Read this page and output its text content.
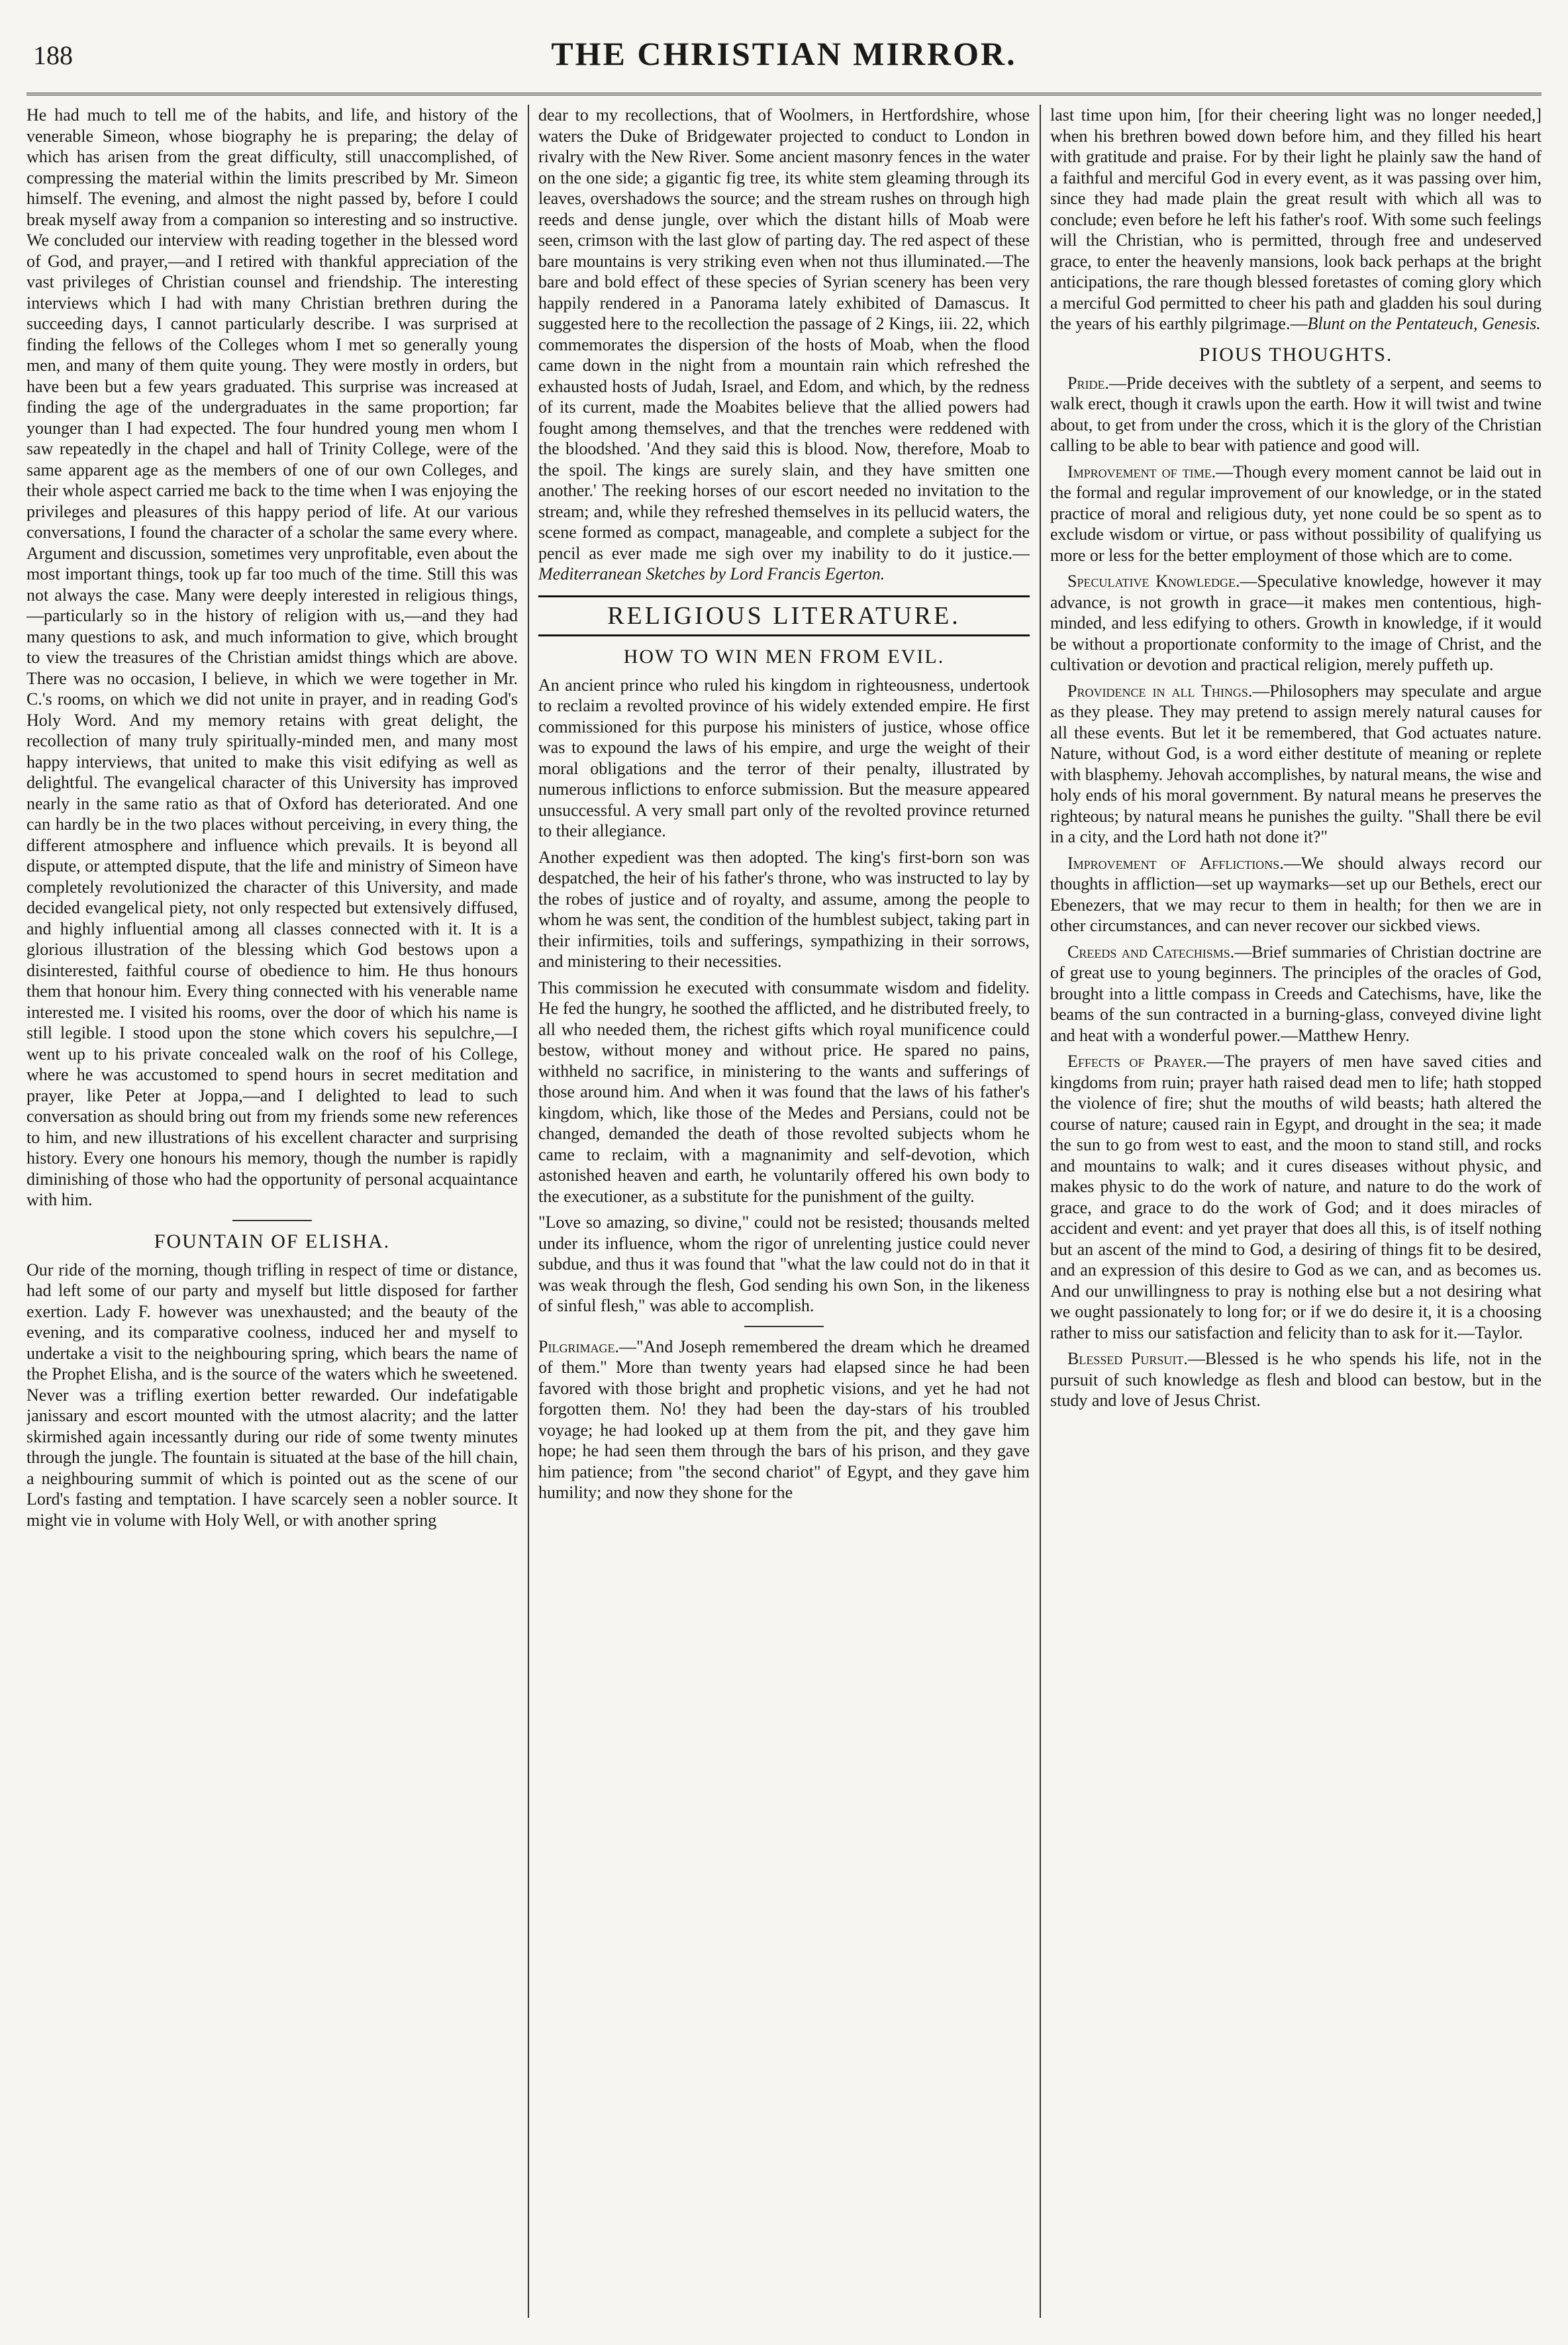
188	THE CHRISTIAN MIRROR.

He had much to tell me of the habits, and life, and history of the venerable Simeon, whose biography he is preparing; the delay of which has arisen from the great difficulty, still unaccomplished, of compressing the material within the limits prescribed by Mr. Simeon himself. The evening, and almost the night passed by, before I could break myself away from a companion so interesting and so instructive. We concluded our interview with reading together in the blessed word of God, and prayer,—and I retired with thankful appreciation of the vast privileges of Christian counsel and friendship. The interesting interviews which I had with many Christian brethren during the succeeding days, I cannot particularly describe. I was surprised at finding the fellows of the Colleges whom I met so generally young men, and many of them quite young. They were mostly in orders, but have been but a few years graduated. This surprise was increased at finding the age of the undergraduates in the same proportion; far younger than I had expected. The four hundred young men whom I saw repeatedly in the chapel and hall of Trinity College, were of the same apparent age as the members of one of our own Colleges, and their whole aspect carried me back to the time when I was enjoying the privileges and pleasures of this happy period of life. At our various conversations, I found the character of a scholar the same every where. Argument and discussion, sometimes very unprofitable, even about the most important things, took up far too much of the time. Still this was not always the case. Many were deeply interested in religious things,—particularly so in the history of religion with us,—and they had many questions to ask, and much information to give, which brought to view the treasures of the Christian amidst things which are above. There was no occasion, I believe, in which we were together in Mr. C.'s rooms, on which we did not unite in prayer, and in reading God's Holy Word. And my memory retains with great delight, the recollection of many truly spiritually-minded men, and many most happy interviews, that united to make this visit edifying as well as delightful. The evangelical character of this University has improved nearly in the same ratio as that of Oxford has deteriorated. And one can hardly be in the two places without perceiving, in every thing, the different atmosphere and influence which prevails. It is beyond all dispute, or attempted dispute, that the life and ministry of Simeon have completely revolutionized the character of this University, and made decided evangelical piety, not only respected but extensively diffused, and highly influential among all classes connected with it. It is a glorious illustration of the blessing which God bestows upon a disinterested, faithful course of obedience to him. He thus honours them that honour him. Every thing connected with his venerable name interested me. I visited his rooms, over the door of which his name is still legible. I stood upon the stone which covers his sepulchre,—I went up to his private concealed walk on the roof of his College, where he was accustomed to spend hours in secret meditation and prayer, like Peter at Joppa,—and I delighted to lead to such conversation as should bring out from my friends some new references to him, and new illustrations of his excellent character and surprising history. Every one honours his memory, though the number is rapidly diminishing of those who had the opportunity of personal acquaintance with him.

FOUNTAIN OF ELISHA.

Our ride of the morning, though trifling in respect of time or distance, had left some of our party and myself but little disposed for farther exertion. Lady F. however was unexhausted; and the beauty of the evening, and its comparative coolness, induced her and myself to undertake a visit to the neighbouring spring, which bears the name of the Prophet Elisha, and is the source of the waters which he sweetened. Never was a trifling exertion better rewarded. Our indefatigable janissary and escort mounted with the utmost alacrity; and the latter skirmished again incessantly during our ride of some twenty minutes through the jungle. The fountain is situated at the base of the hill chain, a neighbouring summit of which is pointed out as the scene of our Lord's fasting and temptation. I have scarcely seen a nobler source. It might vie in volume with Holy Well, or with another spring

dear to my recollections, that of Woolmers, in Hertfordshire, whose waters the Duke of Bridgewater projected to conduct to London in rivalry with the New River. Some ancient masonry fences in the water on the one side; a gigantic fig tree, its white stem gleaming through its leaves, overshadows the source; and the stream rushes on through high reeds and dense jungle, over which the distant hills of Moab were seen, crimson with the last glow of parting day. The red aspect of these bare mountains is very striking even when not thus illuminated.—The bare and bold effect of these species of Syrian scenery has been very happily rendered in a Panorama lately exhibited of Damascus. It suggested here to the recollection the passage of 2 Kings, iii. 22, which commemorates the dispersion of the hosts of Moab, when the flood came down in the night from a mountain rain which refreshed the exhausted hosts of Judah, Israel, and Edom, and which, by the redness of its current, made the Moabites believe that the allied powers had fought among themselves, and that the trenches were reddened with the bloodshed. 'And they said this is blood. Now, therefore, Moab to the spoil. The kings are surely slain, and they have smitten one another.' The reeking horses of our escort needed no invitation to the stream; and, while they refreshed themselves in its pellucid waters, the scene formed as compact, manageable, and complete a subject for the pencil as ever made me sigh over my inability to do it justice.—Mediterranean Sketches by Lord Francis Egerton.

RELIGIOUS LITERATURE.
HOW TO WIN MEN FROM EVIL.

An ancient prince who ruled his kingdom in righteousness, undertook to reclaim a revolted province of his widely extended empire. He first commissioned for this purpose his ministers of justice, whose office was to expound the laws of his empire, and urge the weight of their moral obligations and the terror of their penalty, illustrated by numerous inflictions to enforce submission. But the measure appeared unsuccessful. A very small part only of the revolted province returned to their allegiance.

Another expedient was then adopted. The king's first-born son was despatched, the heir of his father's throne, who was instructed to lay by the robes of justice and of royalty, and assume, among the people to whom he was sent, the condition of the humblest subject, taking part in their infirmities, toils and sufferings, sympathizing in their sorrows, and ministering to their necessities.

This commission he executed with consummate wisdom and fidelity. He fed the hungry, he soothed the afflicted, and he distributed freely, to all who needed them, the richest gifts which royal munificence could bestow, without money and without price. He spared no pains, withheld no sacrifice, in ministering to the wants and sufferings of those around him. And when it was found that the laws of his father's kingdom, which, like those of the Medes and Persians, could not be changed, demanded the death of those revolted subjects whom he came to reclaim, with a magnanimity and self-devotion, which astonished heaven and earth, he voluntarily offered his own body to the executioner, as a substitute for the punishment of the guilty.

"Love so amazing, so divine," could not be resisted; thousands melted under its influence, whom the rigor of unrelenting justice could never subdue, and thus it was found that "what the law could not do in that it was weak through the flesh, God sending his own Son, in the likeness of sinful flesh," was able to accomplish.

Pilgrimage.—"And Joseph remembered the dream which he dreamed of them." More than twenty years had elapsed since he had been favored with those bright and prophetic visions, and yet he had not forgotten them. No! they had been the day-stars of his troubled voyage; he had looked up at them from the pit, and they gave him hope; he had seen them through the bars of his prison, and they gave him patience; from "the second chariot" of Egypt, and they gave him humility; and now they shone for the

last time upon him, [for their cheering light was no longer needed,] when his brethren bowed down before him, and they filled his heart with gratitude and praise. For by their light he plainly saw the hand of a faithful and merciful God in every event, as it was passing over him, since they had made plain the great result with which all was to conclude; even before he left his father's roof. With some such feelings will the Christian, who is permitted, through free and undeserved grace, to enter the heavenly mansions, look back perhaps at the bright anticipations, the rare though blessed foretastes of coming glory which a merciful God permitted to cheer his path and gladden his soul during the years of his earthly pilgrimage.—Blunt on the Pentateuch, Genesis.

PIOUS THOUGHTS.

Pride.—Pride deceives with the subtlety of a serpent, and seems to walk erect, though it crawls upon the earth. How it will twist and twine about, to get from under the cross, which it is the glory of the Christian calling to be able to bear with patience and good will.

Improvement of time.—Though every moment cannot be laid out in the formal and regular improvement of our knowledge, or in the stated practice of moral and religious duty, yet none could be so spent as to exclude wisdom or virtue, or pass without possibility of qualifying us more or less for the better employment of those which are to come.

Speculative Knowledge.—Speculative knowledge, however it may advance, is not growth in grace—it makes men contentious, high-minded, and less edifying to others. Growth in knowledge, if it would be without a proportionate conformity to the image of Christ, and the cultivation or devotion and practical religion, merely puffeth up.

Providence in all Things.—Philosophers may speculate and argue as they please. They may pretend to assign merely natural causes for all these events. But let it be remembered, that God actuates nature. Nature, without God, is a word either destitute of meaning or replete with blasphemy. Jehovah accomplishes, by natural means, the wise and holy ends of his moral government. By natural means he preserves the righteous; by natural means he punishes the guilty. "Shall there be evil in a city, and the Lord hath not done it?"

Improvement of Afflictions.—We should always record our thoughts in affliction—set up waymarks—set up our Bethels, erect our Ebenezers, that we may recur to them in health; for then we are in other circumstances, and can never recover our sickbed views.

Creeds and Catechisms.—Brief summaries of Christian doctrine are of great use to young beginners. The principles of the oracles of God, brought into a little compass in Creeds and Catechisms, have, like the beams of the sun contracted in a burning-glass, conveyed divine light and heat with a wonderful power.—Matthew Henry.

Effects of Prayer.—The prayers of men have saved cities and kingdoms from ruin; prayer hath raised dead men to life; hath stopped the violence of fire; shut the mouths of wild beasts; hath altered the course of nature; caused rain in Egypt, and drought in the sea; it made the sun to go from west to east, and the moon to stand still, and rocks and mountains to walk; and it cures diseases without physic, and makes physic to do the work of nature, and nature to do the work of grace, and grace to do the work of God; and it does miracles of accident and event: and yet prayer that does all this, is of itself nothing but an ascent of the mind to God, a desiring of things fit to be desired, and an expression of this desire to God as we can, and as becomes us. And our unwillingness to pray is nothing else but a not desiring what we ought passionately to long for; or if we do desire it, it is a choosing rather to miss our satisfaction and felicity than to ask for it.—Taylor.

Blessed Pursuit.—Blessed is he who spends his life, not in the pursuit of such knowledge as flesh and blood can bestow, but in the study and love of Jesus Christ.
